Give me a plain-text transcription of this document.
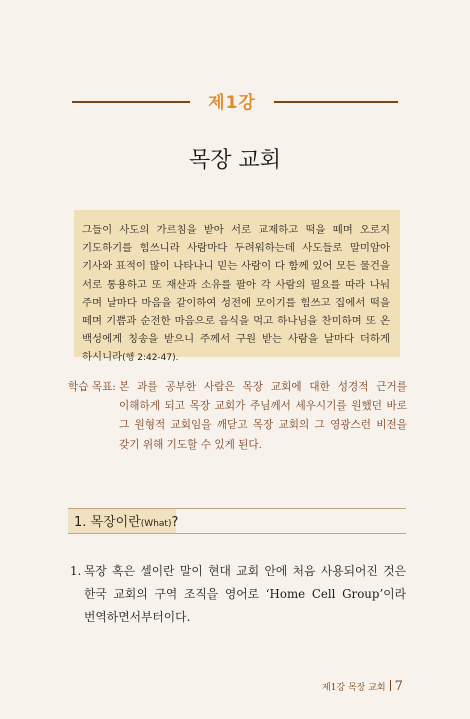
제1강
목장 교회
그들이 사도의 가르침을 받아 서로 교제하고 떡을 떼며 오로지 기도하기를 힘쓰니라 사람마다 두려워하는데 사도들로 말미암아 기사와 표적이 많이 나타나니 믿는 사람이 다 함께 있어 모든 물건을 서로 통용하고 또 재산과 소유를 팔아 각 사람의 필요를 따라 나눠 주며 날마다 마음을 같이하여 성전에 모이기를 힘쓰고 집에서 떡을 떼며 기쁨과 순전한 마음으로 음식을 먹고 하나님을 찬미하며 또 온 백성에게 칭송을 받으니 주께서 구원 받는 사람을 날마다 더하게 하시니라(행 2:42-47).
학습 목표: 본 과를 공부한 사람은 목장 교회에 대한 성경적 근거를 이해하게 되고 목장 교회가 주님께서 세우시기를 원했던 바로 그 원형적 교회임을 깨닫고 목장 교회의 그 영광스런 비전을 갖기 위해 기도할 수 있게 된다.
1. 목장이란(What)?
1. 목장 혹은 셀이란 말이 현대 교회 안에 처음 사용되어진 것은 한국 교회의 구역 조직을 영어로 ‘Home Cell Group’이라 번역하면서부터이다.
제1강 목장 교회 7
